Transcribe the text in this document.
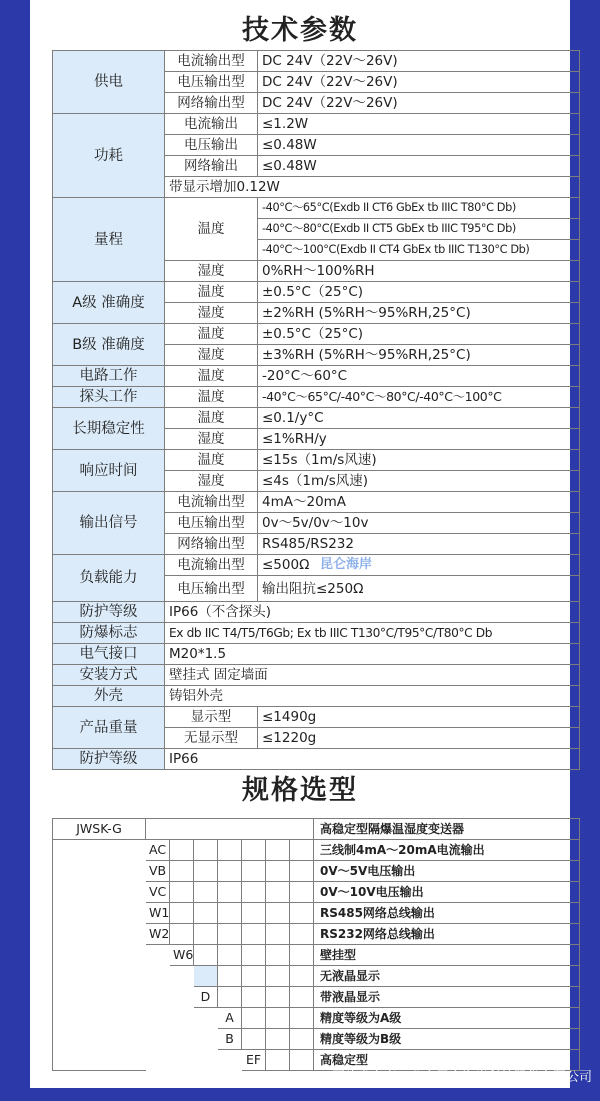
技术参数
供电	电流输出型	DC 24V（22V～26V)
	电压输出型	DC 24V（22V～26V)
	网络输出型	DC 24V（22V～26V)
功耗	电流输出	≤1.2W
	电压输出	≤0.48W
	网络输出	≤0.48W
	带显示增加0.12W	
量程	温度	-40°C～65°C(Exdb II CT6 GbEx tb IIIC T80°C Db)
		-40°C～80°C(Exdb II CT5 GbEx tb IIIC T95°C Db)
		-40°C～100°C(Exdb II CT4 GbEx tb IIIC T130°C Db)
	湿度	0%RH～100%RH
A级 准确度	温度	±0.5°C（25°C)
	湿度	±2%RH (5%RH～95%RH,25°C)
B级 准确度	温度	±0.5°C（25°C)
	湿度	±3%RH (5%RH～95%RH,25°C)
电路工作	温度	-20°C～60°C
探头工作	温度	-40°C～65°C/-40°C～80°C/-40°C～100°C
长期稳定性	温度	≤0.1/y°C
	湿度	≤1%RH/y
响应时间	温度	≤15s（1m/s风速)
	湿度	≤4s（1m/s风速)
输出信号	电流输出型	4mA～20mA
	电压输出型	0v～5v/0v～10v
	网络输出型	RS485/RS232
负载能力	电流输出型	≤500Ω 昆仑海岸

	电压输出型	输出阻抗≤250Ω
防护等级	IP66（不含探头)	
防爆标志	Ex db IIC T4/T5/T6Gb; Ex tb IIIC T130°C/T95°C/T80°C Db	
电气接口	M20*1.5	
安装方式	壁挂式 固定墙面	
外壳	铸铝外壳	
产品重量	显示型	≤1490g
	无显示型	≤1220g
防护等级	IP66	
规格选型
JWSK-G								高稳定型隔爆温湿度变送器
	AC							三线制4mA～20mA电流输出
	VB							0V～5V电压输出
	VC							0V～10V电压输出
	W1							RS485网络总线输出
	W2							RS232网络总线输出
		W6						壁挂型
								无液晶显示
			D					带液晶显示
				A				精度等级为A级
				B				精度等级为B级
					EF			高稳定型
图片发布者：北京昆仑海岸科技股份有限公司
